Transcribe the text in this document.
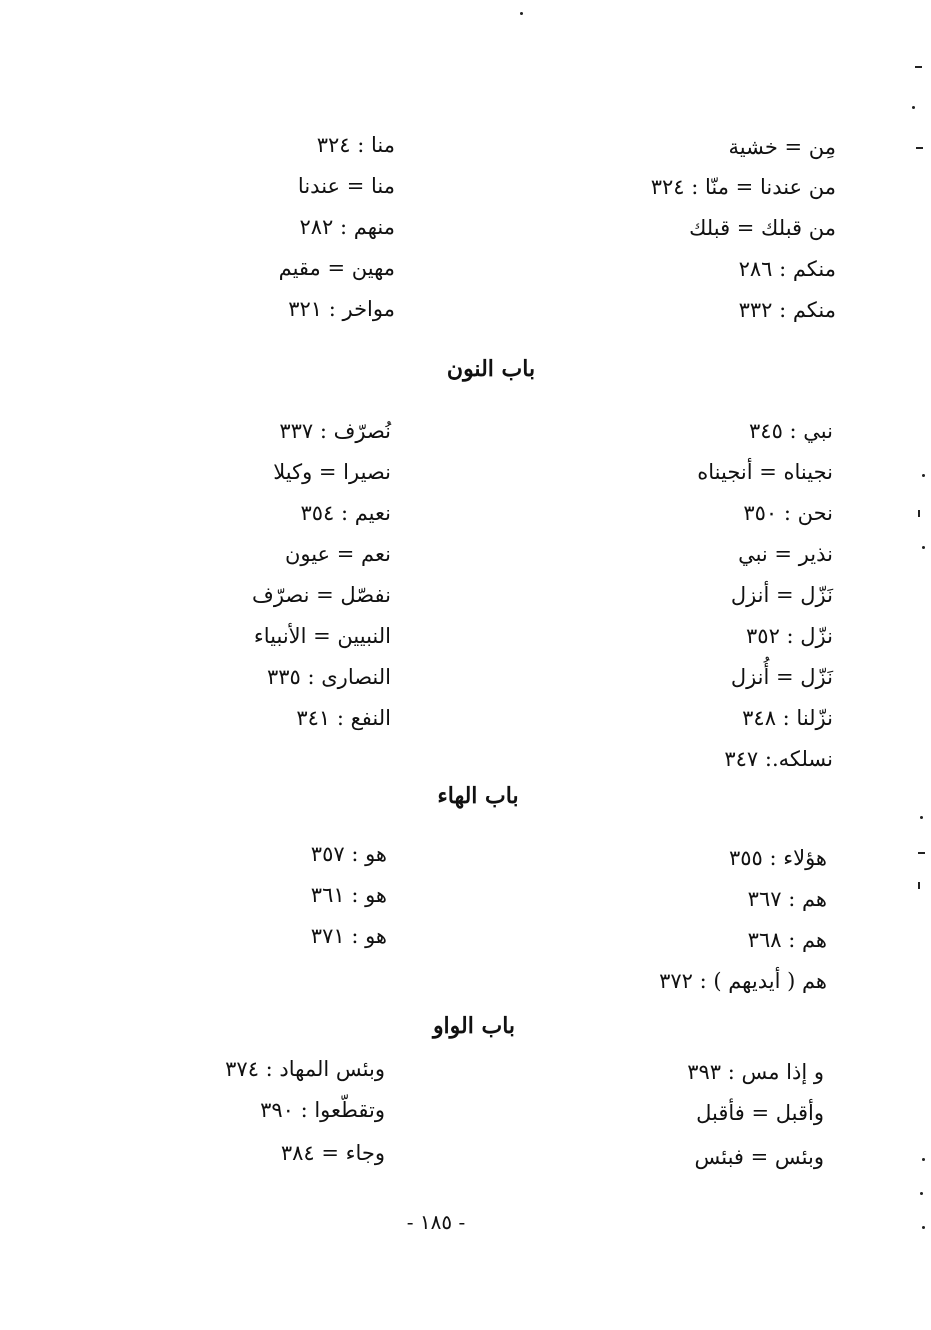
مِن = خشية
من عندنا = منّا : ٣٢٤
من قبلك = قبلك
منكم : ٢٨٦
منكم : ٣٣٢
منا : ٣٢٤
منا = عندنا
منهم : ٢٨٢
مهين = مقيم
مواخر : ٣٢١
باب النون
نبي : ٣٤٥
نجيناه = أنجيناه
نحن : ٣٥٠
نذير = نبي
نَزّل = أنزل
نزّل : ٣٥٢
نَزّل = أُنزل
نزّلنا : ٣٤٨
نسلكه.: ٣٤٧
نُصرّف : ٣٣٧
نصيرا = وكيلا
نعيم : ٣٥٤
نعم = عيون
نفصّل = نصرّف
النبيين = الأنبياء
النصارى : ٣٣٥
النفع : ٣٤١
باب الهاء
هؤلاء : ٣٥٥
هم : ٣٦٧
هم : ٣٦٨
هم ( أيديهم ) : ٣٧٢
هو : ٣٥٧
هو : ٣٦١
هو : ٣٧١
باب الواو
و إذا مس : ٣٩٣
وأقبل = فأقبل
وبئس = فبئس
وبئس المهاد : ٣٧٤
وتقطّعوا : ٣٩٠
وجاء = ٣٨٤
- ١٨٥ -
